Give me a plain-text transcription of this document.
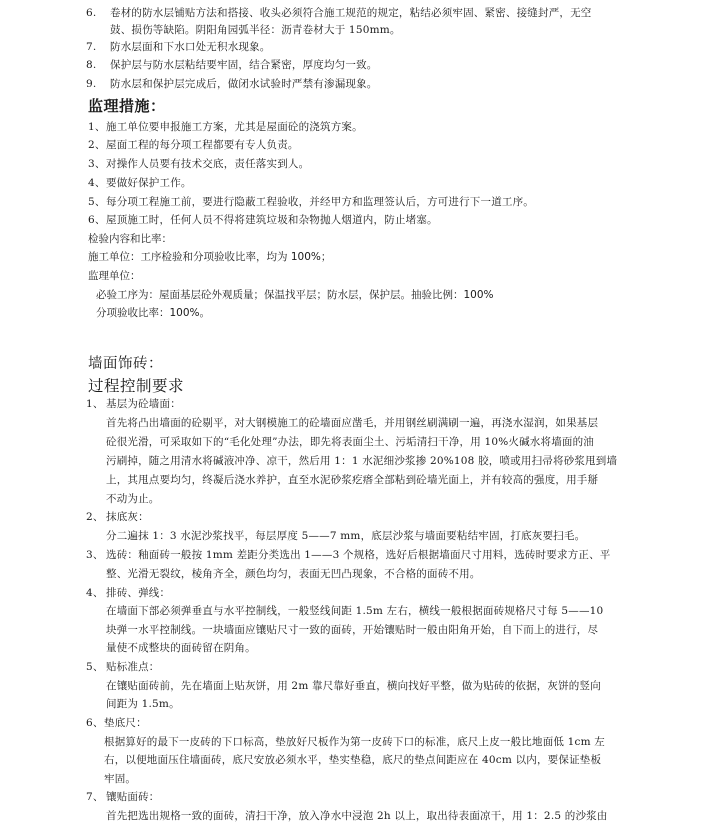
6. 卷材的防水层铺贴方法和搭接、收头必须符合施工规范的规定，粘结必须牢固、紧密、接缝封严，无空
鼓、损伤等缺陷。阴阳角园弧半径：沥青卷材大于 150mm。
7. 防水层面和下水口处无积水现象。
8. 保护层与防水层粘结要牢固，结合紧密，厚度均匀一致。
9. 防水层和保护层完成后，做闭水试验时严禁有渗漏现象。
监理措施：
1、 施工单位要申报施工方案，尤其是屋面砼的浇筑方案。
2、 屋面工程的每分项工程都要有专人负责。
3、 对操作人员要有技术交底，责任落实到人。
4、 要做好保护工作。
5、 每分项工程施工前，要进行隐蔽工程验收，并经甲方和监理签认后，方可进行下一道工序。
6、 屋顶施工时，任何人员不得将建筑垃圾和杂物抛人烟道内，防止堵塞。
检验内容和比率：
施工单位：工序检验和分项验收比率，均为 100%；
监理单位：
必验工序为：屋面基层砼外观质量；保温找平层；防水层，保护层。抽验比例：100%
分项验收比率：100%。
墙面饰砖：
过程控制要求
1、 基层为砼墙面：
首先将凸出墙面的砼剔平，对大钢模施工的砼墙面应凿毛，并用钢丝刷满刷一遍，再浇水湿润，如果基层
砼很光滑，可采取如下的“毛化处理”办法，即先将表面尘土、污垢清扫干净，用 10%火碱水将墙面的油
污刷掉，随之用清水将碱液冲净、凉干，然后用 1：1 水泥细沙浆掺 20%108 胶，喷或用扫帚将砂浆甩到墙
上，其甩点要均匀，终凝后浇水养护，直至水泥砂浆疙瘩全部粘到砼墙光面上，并有较高的强度，用手掰
不动为止。
2、 抹底灰：
分二遍抹 1：3 水泥沙浆找平，每层厚度 5——7 mm，底层沙浆与墙面要粘结牢固，打底灰要扫毛。
3、 选砖：釉面砖一般按 1mm 差距分类选出 1——3 个规格，选好后根据墙面尺寸用料，选砖时要求方正、平
整、光滑无裂纹，棱角齐全，颜色均匀，表面无凹凸现象，不合格的面砖不用。
4、 排砖、弹线：
在墙面下部必须弹垂直与水平控制线，一般竖线间距 1.5m 左右，横线一般根据面砖规格尺寸每 5——10
块弹一水平控制线。一块墙面应镶贴尺寸一致的面砖，开始镶贴时一般由阳角开始，自下而上的进行，尽
量使不成整块的面砖留在阴角。
5、 贴标准点：
在镶贴面砖前，先在墙面上贴灰饼，用 2m 靠尺靠好垂直，横向找好平整，做为贴砖的依据，灰饼的竖向
间距为 1.5m。
6、 垫底尺：
根据算好的最下一皮砖的下口标高，垫放好尺板作为第一皮砖下口的标准，底尺上皮一般比地面低 1cm 左
右，以便地面压住墙面砖，底尺安放必须水平，垫实垫稳，底尺的垫点间距应在 40cm 以内，要保证垫板
牢固。
7、 镶贴面砖：
首先把选出规格一致的面砖，清扫干净，放入净水中浸泡 2h 以上，取出待表面凉干，用 1：2.5 的沙浆由
